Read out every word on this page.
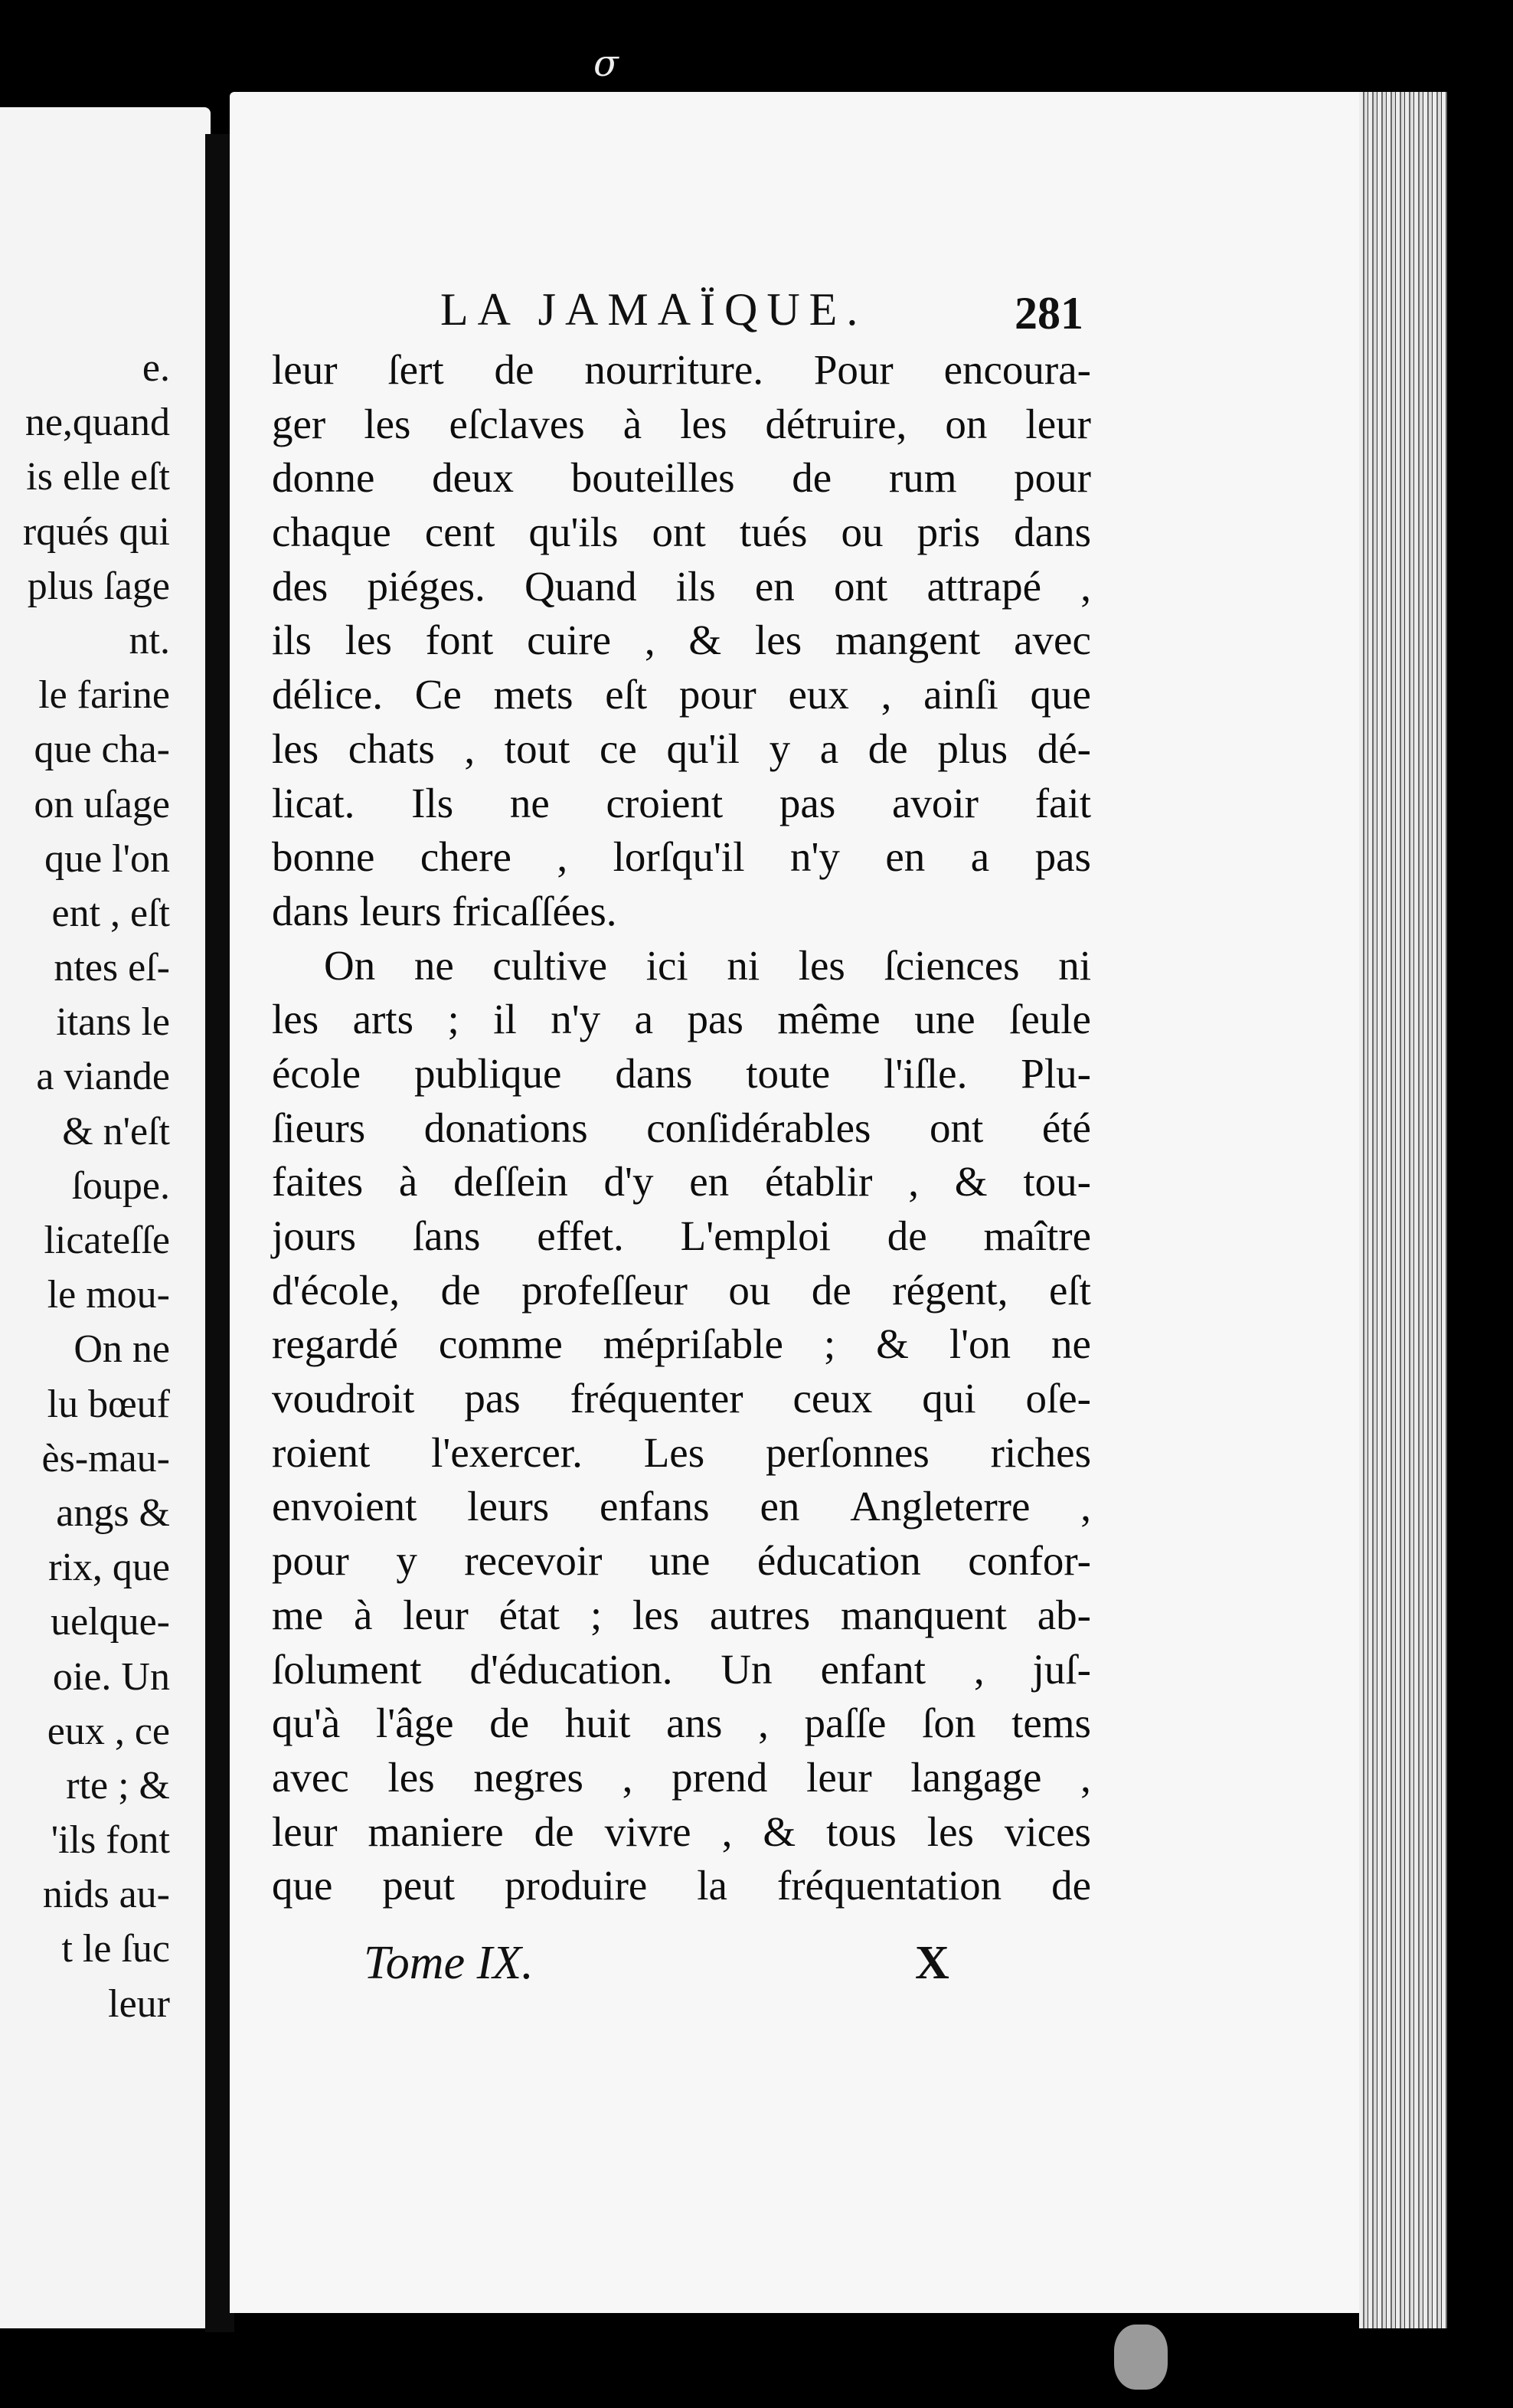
σ
e.
ne,quand
is elle eſt
rqués qui
plus ſage
nt.
le farine
que cha-
on uſage
que l'on
ent , eſt
ntes eſ-
itans le
a viande
& n'eſt
ſoupe.
licateſſe
le mou-
On ne
lu bœuf
ès-mau-
angs &
rix, que
uelque-
oie. Un
eux , ce
rte ; &
'ils font
nids au-
t le ſuc
leur
LA JAMAÏQUE.	281
leur ſert de nourriture. Pour encoura-
ger les eſclaves à les détruire, on leur
donne deux bouteilles de rum pour
chaque cent qu'ils ont tués ou pris dans
des piéges. Quand ils en ont attrapé ,
ils les font cuire , & les mangent avec
délice. Ce mets eſt pour eux , ainſi que
les chats , tout ce qu'il y a de plus dé-
licat. Ils ne croient pas avoir fait
bonne chere , lorſqu'il n'y en a pas
dans leurs fricaſſées.
On ne cultive ici ni les ſciences ni
les arts ; il n'y a pas même une ſeule
école publique dans toute l'iſle. Plu-
ſieurs donations conſidérables ont été
faites à deſſein d'y en établir , & tou-
jours ſans effet. L'emploi de maître
d'école, de profeſſeur ou de régent, eſt
regardé comme mépriſable ; & l'on ne
voudroit pas fréquenter ceux qui oſe-
roient l'exercer. Les perſonnes riches
envoient leurs enfans en Angleterre ,
pour y recevoir une éducation confor-
me à leur état ; les autres manquent ab-
ſolument d'éducation. Un enfant , juſ-
qu'à l'âge de huit ans , paſſe ſon tems
avec les negres , prend leur langage ,
leur maniere de vivre , & tous les vices
que peut produire la fréquentation de
Tome IX.	X
